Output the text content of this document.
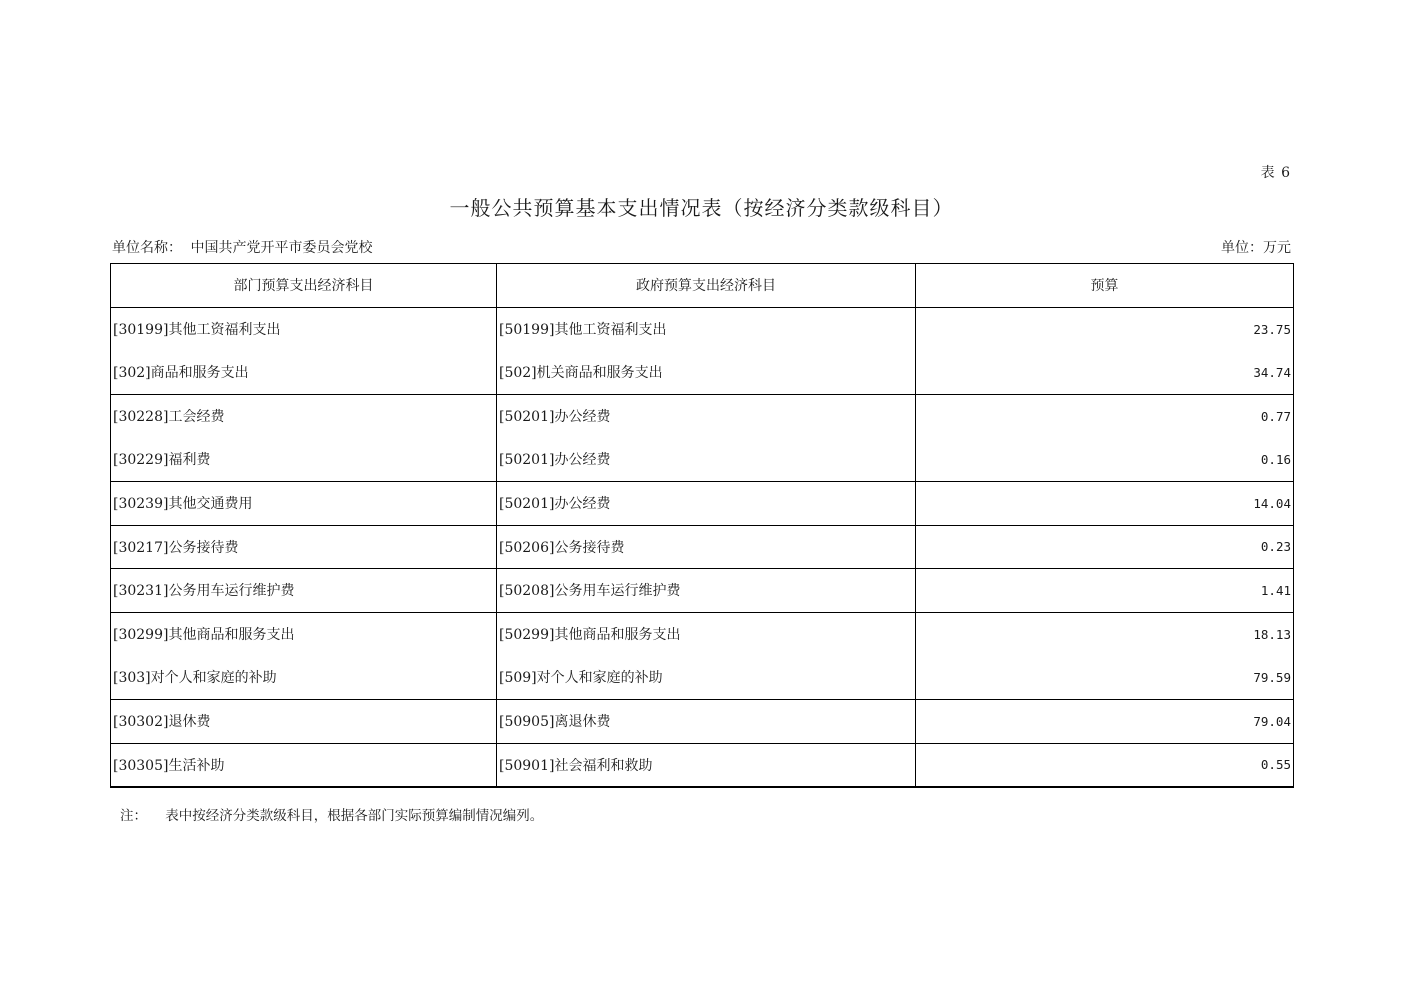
表 6
一般公共预算基本支出情况表（按经济分类款级科目）
单位名称： 中国共产党开平市委员会党校	单位：万元
部门预算支出经济科目	政府预算支出经济科目	预算
[30199]其他工资福利支出	[50199]其他工资福利支出	23.75
[302]商品和服务支出	[502]机关商品和服务支出	34.74
[30228]工会经费	[50201]办公经费	0.77
[30229]福利费	[50201]办公经费	0.16
[30239]其他交通费用	[50201]办公经费	14.04
[30217]公务接待费	[50206]公务接待费	0.23
[30231]公务用车运行维护费	[50208]公务用车运行维护费	1.41
[30299]其他商品和服务支出	[50299]其他商品和服务支出	18.13
[303]对个人和家庭的补助	[509]对个人和家庭的补助	79.59
[30302]退休费	[50905]离退休费	79.04
[30305]生活补助	[50901]社会福利和救助	0.55
注： 表中按经济分类款级科目，根据各部门实际预算编制情况编列。
